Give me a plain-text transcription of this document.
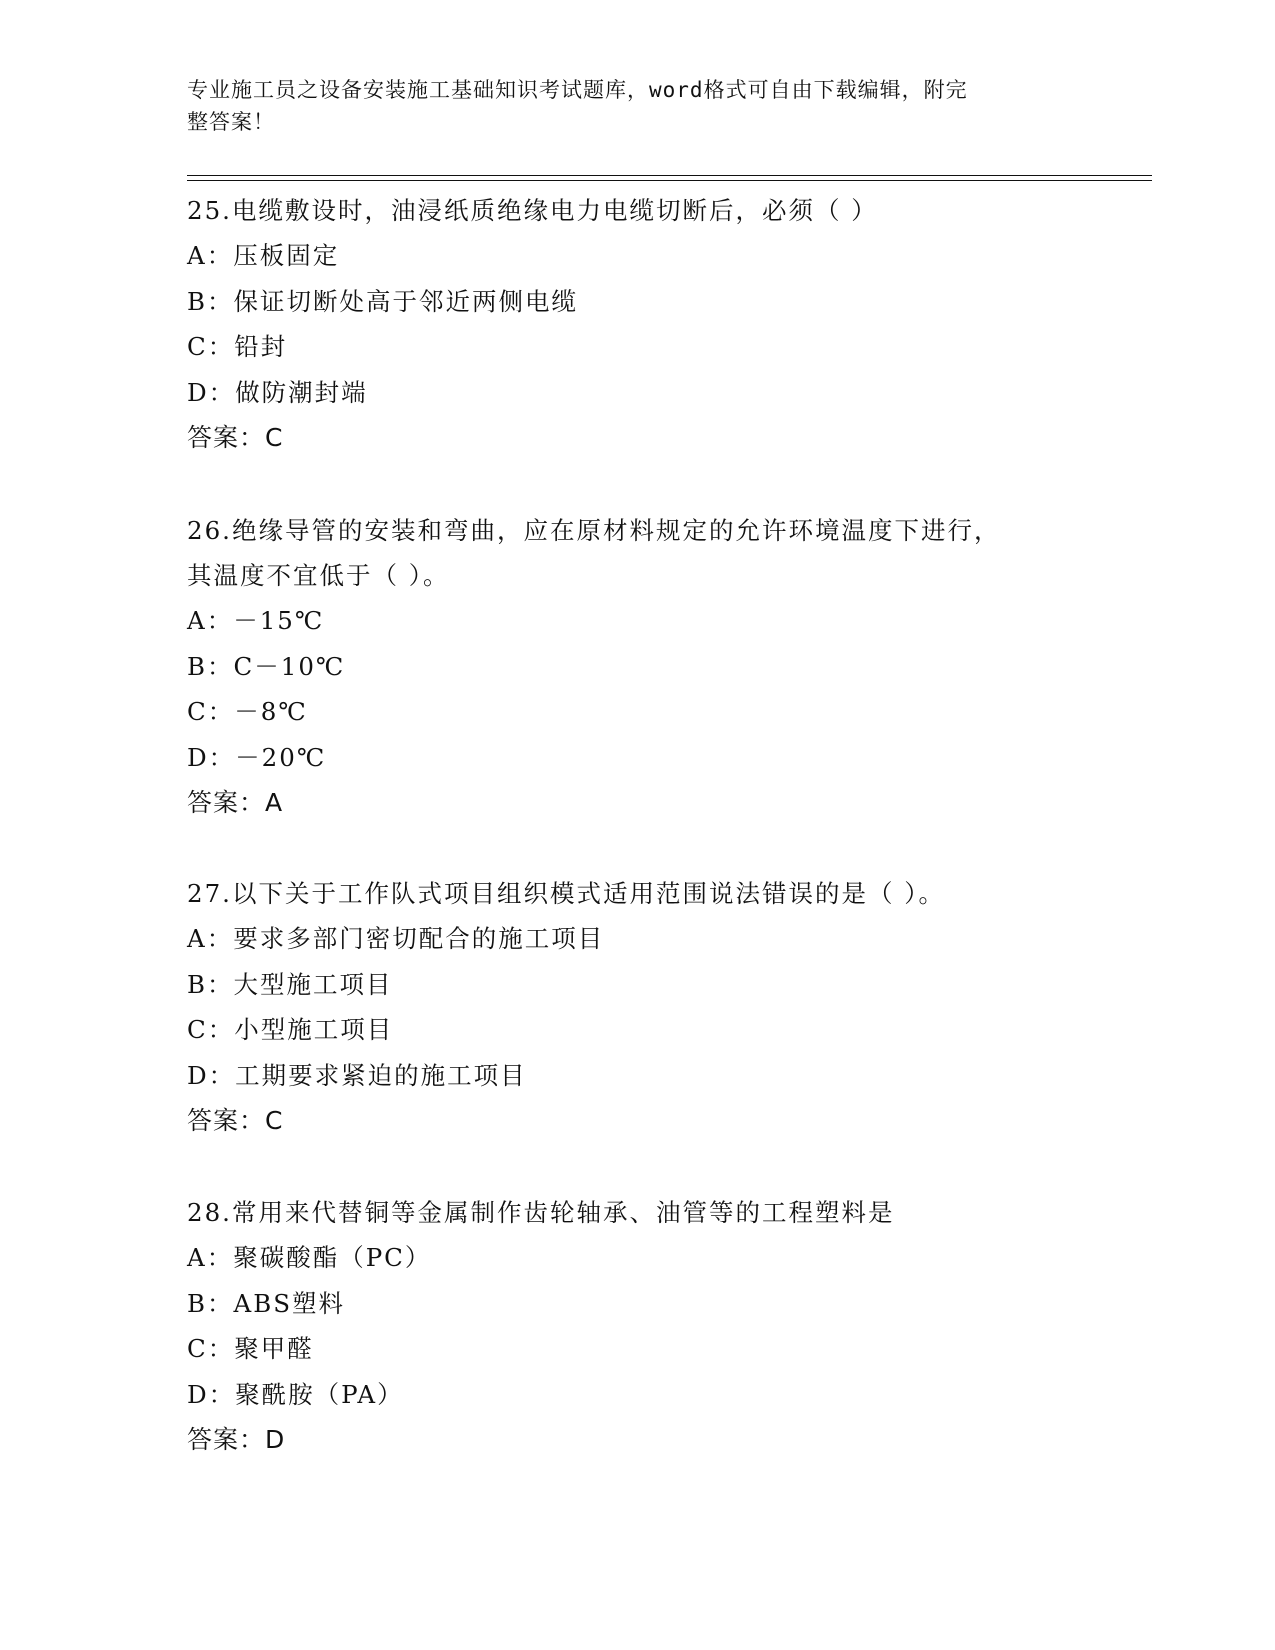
专业施工员之设备安装施工基础知识考试题库，word格式可自由下载编辑，附完
整答案！

25.电缆敷设时，油浸纸质绝缘电力电缆切断后，必须（ ）

A：压板固定

B：保证切断处高于邻近两侧电缆

C：铅封

D：做防潮封端

答案：C

26.绝缘导管的安装和弯曲，应在原材料规定的允许环境温度下进行，

其温度不宜低于（ ）。

A：－15℃

B：C－10℃

C：－8℃

D：－20℃

答案：A

27.以下关于工作队式项目组织模式适用范围说法错误的是（ ）。

A：要求多部门密切配合的施工项目

B：大型施工项目

C：小型施工项目

D：工期要求紧迫的施工项目

答案：C

28.常用来代替铜等金属制作齿轮轴承、油管等的工程塑料是

A：聚碳酸酯（PC）

B：ABS塑料

C：聚甲醛

D：聚酰胺（PA）

答案：D
